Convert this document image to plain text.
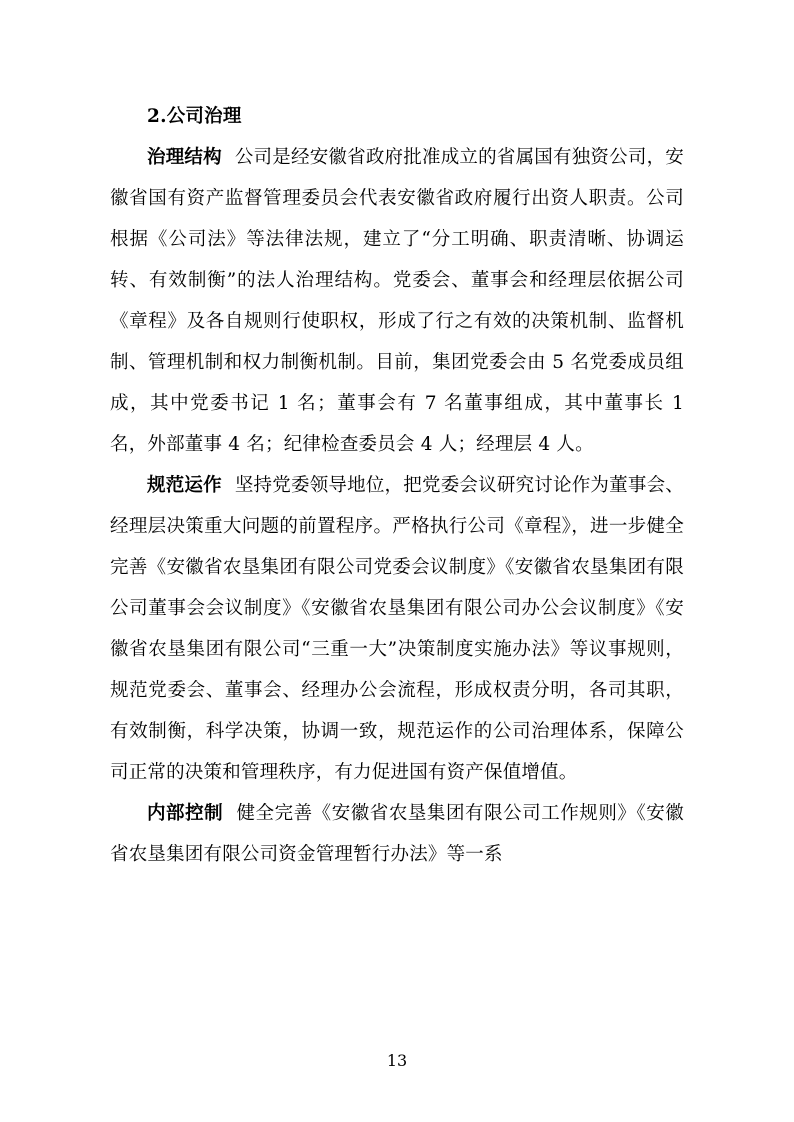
2.公司治理

治理结构 公司是经安徽省政府批准成立的省属国有独资公司，安徽省国有资产监督管理委员会代表安徽省政府履行出资人职责。公司根据《公司法》等法律法规，建立了“分工明确、职责清晰、协调运转、有效制衡”的法人治理结构。党委会、董事会和经理层依据公司《章程》及各自规则行使职权，形成了行之有效的决策机制、监督机制、管理机制和权力制衡机制。目前，集团党委会由 5 名党委成员组成，其中党委书记 1 名；董事会有 7 名董事组成，其中董事长 1 名，外部董事 4 名；纪律检查委员会 4 人；经理层 4 人。

规范运作 坚持党委领导地位，把党委会议研究讨论作为董事会、经理层决策重大问题的前置程序。严格执行公司《章程》，进一步健全完善《安徽省农垦集团有限公司党委会议制度》《安徽省农垦集团有限公司董事会会议制度》《安徽省农垦集团有限公司办公会议制度》《安徽省农垦集团有限公司“三重一大”决策制度实施办法》等议事规则，规范党委会、董事会、经理办公会流程，形成权责分明，各司其职，有效制衡，科学决策，协调一致，规范运作的公司治理体系，保障公司正常的决策和管理秩序，有力促进国有资产保值增值。

内部控制 健全完善《安徽省农垦集团有限公司工作规则》《安徽省农垦集团有限公司资金管理暂行办法》等一系

13
